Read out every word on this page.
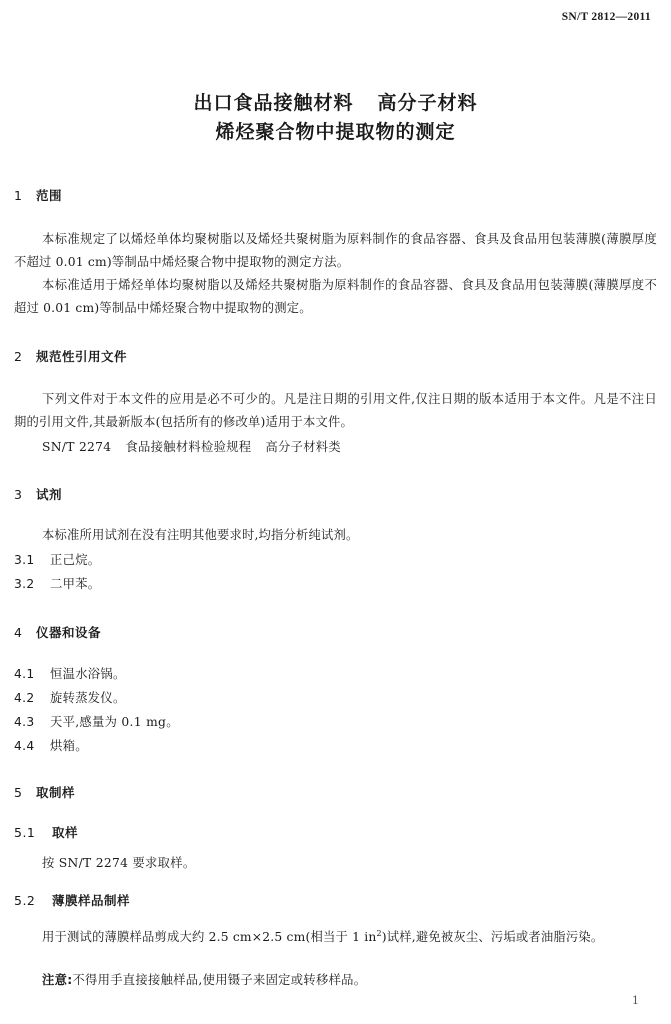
SN/T 2812—2011
出口食品接触材料 高分子材料
烯烃聚合物中提取物的测定
1 范围
本标准规定了以烯烃单体均聚树脂以及烯烃共聚树脂为原料制作的食品容器、食具及食品用包装薄膜(薄膜厚度不超过 0.01 cm)等制品中烯烃聚合物中提取物的测定方法。
本标准适用于烯烃单体均聚树脂以及烯烃共聚树脂为原料制作的食品容器、食具及食品用包装薄膜(薄膜厚度不超过 0.01 cm)等制品中烯烃聚合物中提取物的测定。
2 规范性引用文件
下列文件对于本文件的应用是必不可少的。凡是注日期的引用文件,仅注日期的版本适用于本文件。凡是不注日期的引用文件,其最新版本(包括所有的修改单)适用于本文件。
SN/T 2274 食品接触材料检验规程 高分子材料类
3 试剂
本标准所用试剂在没有注明其他要求时,均指分析纯试剂。
3.1 正己烷。
3.2 二甲苯。
4 仪器和设备
4.1 恒温水浴锅。
4.2 旋转蒸发仪。
4.3 天平,感量为 0.1 mg。
4.4 烘箱。
5 取制样
5.1 取样
按 SN/T 2274 要求取样。
5.2 薄膜样品制样
用于测试的薄膜样品剪成大约 2.5 cm×2.5 cm(相当于 1 $in^2$)试样,避免被灰尘、污垢或者油脂污染。
注意:不得用手直接接触样品,使用镊子来固定或转移样品。
1
